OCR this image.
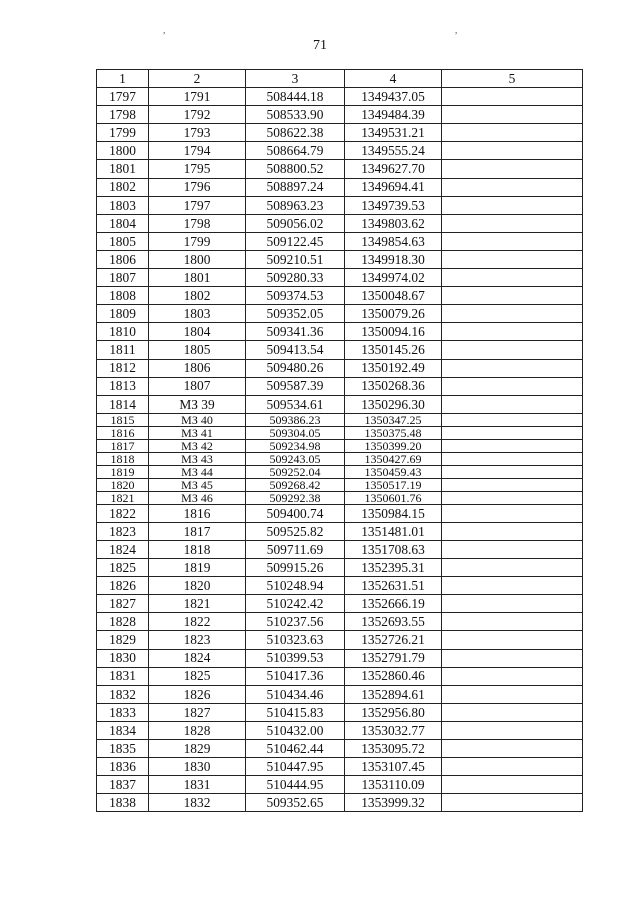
,	,
71
1	2	3	4	5
1797	1791	508444.18	1349437.05	
1798	1792	508533.90	1349484.39	
1799	1793	508622.38	1349531.21	
1800	1794	508664.79	1349555.24	
1801	1795	508800.52	1349627.70	
1802	1796	508897.24	1349694.41	
1803	1797	508963.23	1349739.53	
1804	1798	509056.02	1349803.62	
1805	1799	509122.45	1349854.63	
1806	1800	509210.51	1349918.30	
1807	1801	509280.33	1349974.02	
1808	1802	509374.53	1350048.67	
1809	1803	509352.05	1350079.26	
1810	1804	509341.36	1350094.16	
1811	1805	509413.54	1350145.26	
1812	1806	509480.26	1350192.49	
1813	1807	509587.39	1350268.36	
1814	МЗ 39	509534.61	1350296.30	
1815	МЗ 40	509386.23	1350347.25	
1816	МЗ 41	509304.05	1350375.48	
1817	МЗ 42	509234.98	1350399.20	
1818	МЗ 43	509243.05	1350427.69	
1819	МЗ 44	509252.04	1350459.43	
1820	МЗ 45	509268.42	1350517.19	
1821	МЗ 46	509292.38	1350601.76	
1822	1816	509400.74	1350984.15	
1823	1817	509525.82	1351481.01	
1824	1818	509711.69	1351708.63	
1825	1819	509915.26	1352395.31	
1826	1820	510248.94	1352631.51	
1827	1821	510242.42	1352666.19	
1828	1822	510237.56	1352693.55	
1829	1823	510323.63	1352726.21	
1830	1824	510399.53	1352791.79	
1831	1825	510417.36	1352860.46	
1832	1826	510434.46	1352894.61	
1833	1827	510415.83	1352956.80	
1834	1828	510432.00	1353032.77	
1835	1829	510462.44	1353095.72	
1836	1830	510447.95	1353107.45	
1837	1831	510444.95	1353110.09	
1838	1832	509352.65	1353999.32	
